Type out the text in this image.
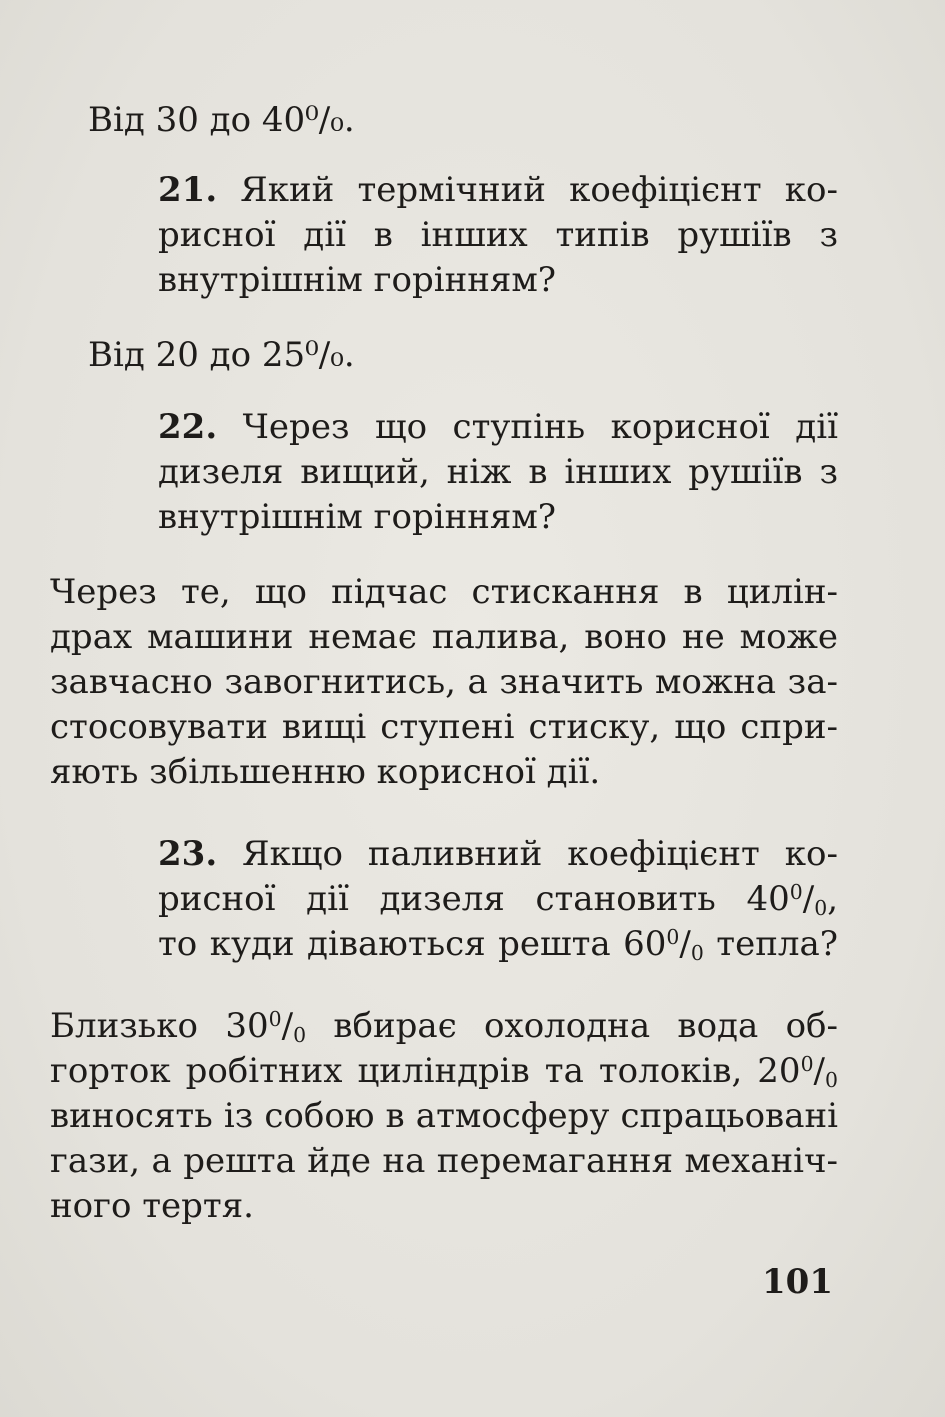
Від 30 до 40⁰/₀.
21. Який термічний коефіцієнт ко-
рисної дії в інших типів рушіїв з
внутрішнім горінням?
Від 20 до 25⁰/₀.
22. Через що ступінь корисної дії
дизеля вищий, ніж в інших рушіїв з
внутрішнім горінням?
Через те, що підчас стискання в цилін-
драх машини немає палива, воно не може
завчасно завогнитись, а значить можна за-
стосовувати вищі ступені стиску, що спри-
яють збільшенню корисної дії.
23. Якщо паливний коефіцієнт ко-
рисної дії дизеля становить $40^0/_0$,
то куди діваються решта $60^0/_0$ тепла?
Близько $30^0/_0$ вбирає охолодна вода об-
горток робітних циліндрів та толоків, $20^0/_0$
виносять із собою в атмосферу спрацьовані
гази, а решта йде на перемагання механіч-
ного тертя.
101
